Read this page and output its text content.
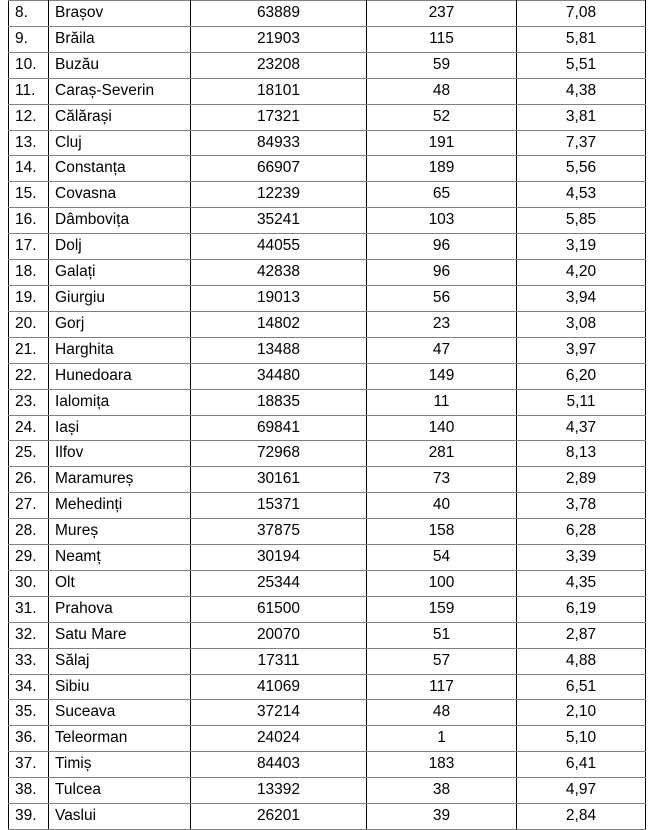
8.	Brașov	63889	237	7,08
9.	Brăila	21903	115	5,81
10.	Buzău	23208	59	5,51
11.	Caraș-Severin	18101	48	4,38
12.	Călărași	17321	52	3,81
13.	Cluj	84933	191	7,37
14.	Constanța	66907	189	5,56
15.	Covasna	12239	65	4,53
16.	Dâmbovița	35241	103	5,85
17.	Dolj	44055	96	3,19
18.	Galați	42838	96	4,20
19.	Giurgiu	19013	56	3,94
20.	Gorj	14802	23	3,08
21.	Harghita	13488	47	3,97
22.	Hunedoara	34480	149	6,20
23.	Ialomița	18835	11	5,11
24.	Iași	69841	140	4,37
25.	Ilfov	72968	281	8,13
26.	Maramureș	30161	73	2,89
27.	Mehedinți	15371	40	3,78
28.	Mureș	37875	158	6,28
29.	Neamț	30194	54	3,39
30.	Olt	25344	100	4,35
31.	Prahova	61500	159	6,19
32.	Satu Mare	20070	51	2,87
33.	Sălaj	17311	57	4,88
34.	Sibiu	41069	117	6,51
35.	Suceava	37214	48	2,10
36.	Teleorman	24024	1	5,10
37.	Timiș	84403	183	6,41
38.	Tulcea	13392	38	4,97
39.	Vaslui	26201	39	2,84
